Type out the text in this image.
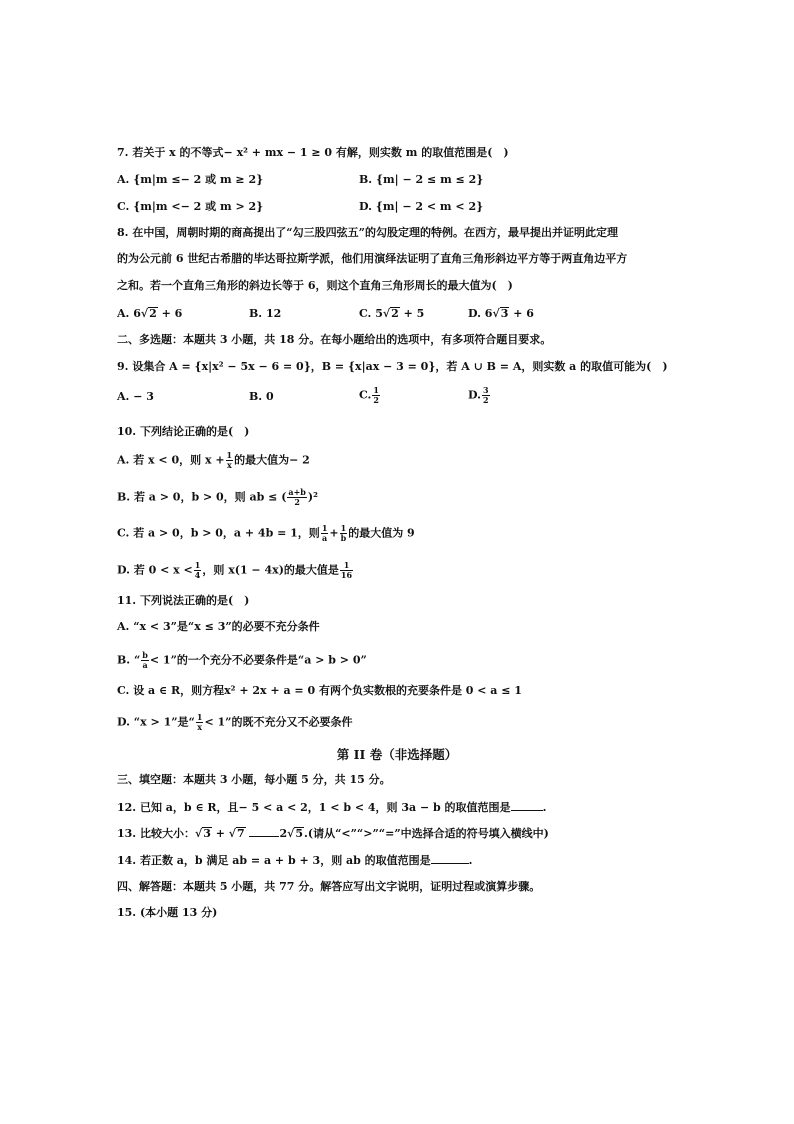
7. 若关于 x 的不等式− x² + mx − 1 ≥ 0 有解，则实数 m 的取值范围是(　)
A. {m|m ≤− 2 或 m ≥ 2}	B. {m| − 2 ≤ m ≤ 2}
C. {m|m <− 2 或 m > 2}	D. {m| − 2 < m < 2}
8. 在中国，周朝时期的商高提出了“勾三股四弦五”的勾股定理的特例。在西方，最早提出并证明此定理
的为公元前 6 世纪古希腊的毕达哥拉斯学派，他们用演绎法证明了直角三角形斜边平方等于两直角边平方
之和。若一个直角三角形的斜边长等于 6，则这个直角三角形周长的最大值为(　)
A. 6√2 + 6	B. 12	C. 5√2 + 5	D. 6√3 + 6
二、多选题：本题共 3 小题，共 18 分。在每小题给出的选项中，有多项符合题目要求。
9. 设集合 A = {x|x² − 5x − 6 = 0}，B = {x|ax − 3 = 0}，若 A ∪ B = A，则实数 a 的取值可能为(　)
A. − 3	B. 0	C. $\frac{1}{2}$	D. $\frac{3}{2}$
10. 下列结论正确的是(　)
A. 若 x < 0，则 $x + \frac{1}{x}$ 的最大值为− 2
B. 若 a > 0，b > 0，则 ab ≤ ( $\frac{a+b}{2} )^2$
C. 若 a > 0，b > 0，a + 4b = 1，则 $\frac{1}{a} + \frac{1}{b}$ 的最大值为 9
D. 若 $0 < x < \frac{1}{4}$ ，则 x(1 − 4x)的最大值是 $\frac{1}{16}$
11. 下列说法正确的是(　)
A. “x < 3”是“x ≤ 3”的必要不充分条件
B. “ $\frac{b}{a} < 1$”的一个充分不必要条件是“a > b > 0”
C. 设 a ∈ R，则方程x² + 2x + a = 0 有两个负实数根的充要条件是 0 < a ≤ 1
D. “x > 1”是“ $\frac{1}{x} < 1$”的既不充分又不必要条件
第 II 卷（非选择题）
三、填空题：本题共 3 小题，每小题 5 分，共 15 分。
12. 已知 a，b ∈ R，且− 5 < a < 2，1 < b < 4，则 3a − b 的取值范围是	.
13. 比较大小：√3 + √7	2√5.(请从“<”“>”“=”中选择合适的符号填入横线中)
14. 若正数 a，b 满足 ab = a + b + 3，则 ab 的取值范围是	.
四、解答题：本题共 5 小题，共 77 分。解答应写出文字说明，证明过程或演算步骤。
15. (本小题 13 分)
